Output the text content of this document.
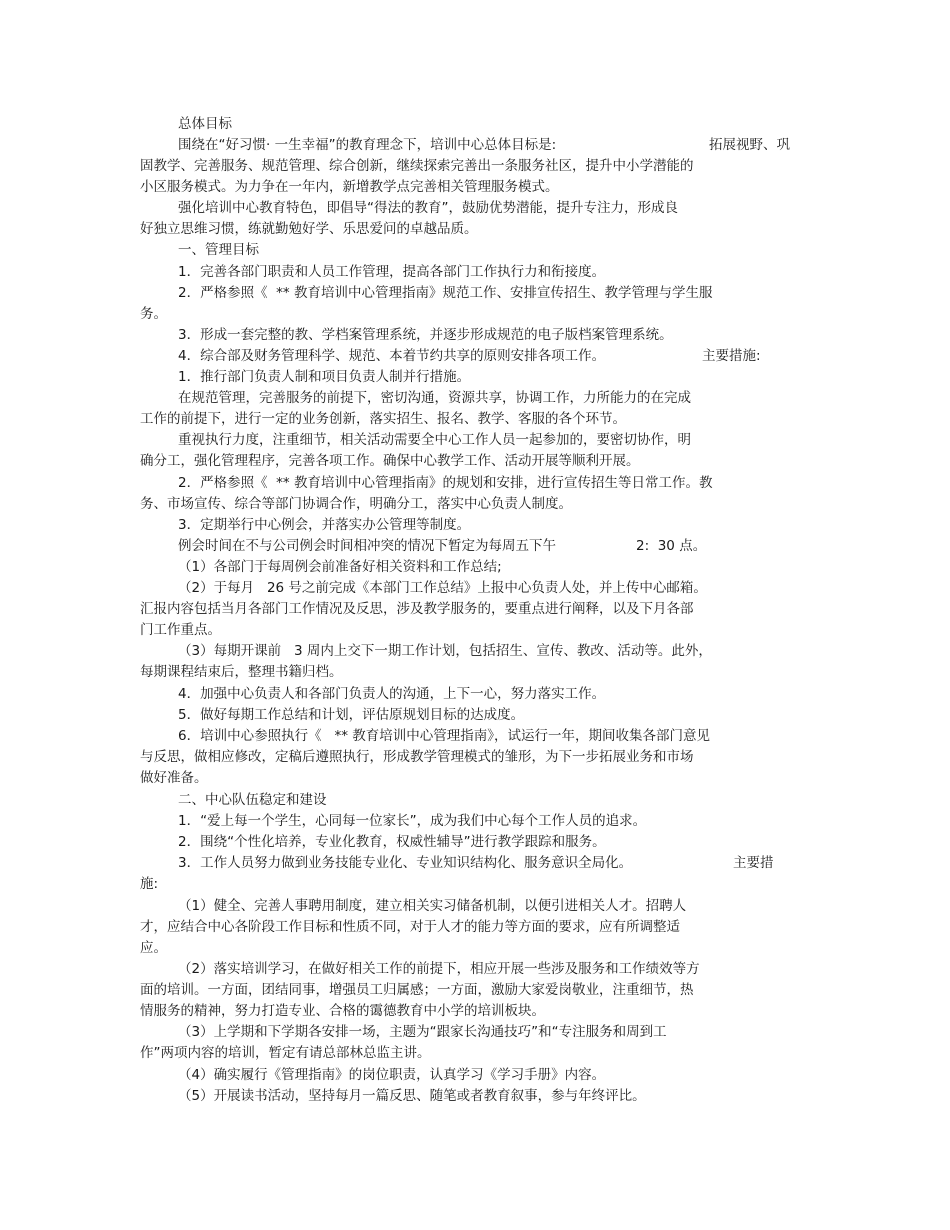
总体目标
围绕在“好习惯· 一生幸福”的教育理念下，培训中心总体目标是:	拓展视野、巩
固教学、完善服务、规范管理、综合创新，继续探索完善出一条服务社区，提升中小学潜能的
小区服务模式。为力争在一年内，新增教学点完善相关管理服务模式。
强化培训中心教育特色，即倡导“得法的教育”，鼓励优势潜能，提升专注力，形成良
好独立思维习惯，练就勤勉好学、乐思爱问的卓越品质。
一、管理目标
1．完善各部门职责和人员工作管理，提高各部门工作执行力和衔接度。
2．严格参照《  ** 教育培训中心管理指南》规范工作、安排宣传招生、教学管理与学生服
务。
3．形成一套完整的教、学档案管理系统，并逐步形成规范的电子版档案管理系统。
4．综合部及财务管理科学、规范、本着节约共享的原则安排各项工作。	主要措施:
1．推行部门负责人制和项目负责人制并行措施。
在规范管理，完善服务的前提下，密切沟通，资源共享，协调工作，力所能力的在完成
工作的前提下，进行一定的业务创新，落实招生、报名、教学、客服的各个环节。
重视执行力度，注重细节，相关活动需要全中心工作人员一起参加的，要密切协作，明
确分工，强化管理程序，完善各项工作。确保中心教学工作、活动开展等顺利开展。
2．严格参照《  ** 教育培训中心管理指南》的规划和安排，进行宣传招生等日常工作。教
务、市场宣传、综合等部门协调合作，明确分工，落实中心负责人制度。
3．定期举行中心例会，并落实办公管理等制度。
例会时间在不与公司例会时间相冲突的情况下暂定为每周五下午	2:  30 点。
（1）各部门于每周例会前准备好相关资料和工作总结;
（2）于每月   26 号之前完成《本部门工作总结》上报中心负责人处，并上传中心邮箱。
汇报内容包括当月各部门工作情况及反思，涉及教学服务的，要重点进行阐释，以及下月各部
门工作重点。
（3）每期开课前   3 周内上交下一期工作计划，包括招生、宣传、教改、活动等。此外，
每期课程结束后，整理书籍归档。
4．加强中心负责人和各部门负责人的沟通，上下一心，努力落实工作。
5．做好每期工作总结和计划，评估原规划目标的达成度。
6．培训中心参照执行《   ** 教育培训中心管理指南》，试运行一年，期间收集各部门意见
与反思，做相应修改，定稿后遵照执行，形成教学管理模式的雏形，为下一步拓展业务和市场
做好准备。
二、中心队伍稳定和建设
1．“爱上每一个学生，心同每一位家长”，成为我们中心每个工作人员的追求。
2．围绕“个性化培养，专业化教育，权威性辅导”进行教学跟踪和服务。
3．工作人员努力做到业务技能专业化、专业知识结构化、服务意识全局化。	主要措
施:
（1）健全、完善人事聘用制度，建立相关实习储备机制，以便引进相关人才。招聘人
才，应结合中心各阶段工作目标和性质不同，对于人才的能力等方面的要求，应有所调整适
应。
（2）落实培训学习，在做好相关工作的前提下，相应开展一些涉及服务和工作绩效等方
面的培训。一方面，团结同事，增强员工归属感；一方面，激励大家爱岗敬业，注重细节，热
情服务的精神，努力打造专业、合格的霭德教育中小学的培训板块。
（3）上学期和下学期各安排一场，主题为“跟家长沟通技巧”和“专注服务和周到工
作”两项内容的培训，暂定有请总部林总监主讲。
（4）确实履行《管理指南》的岗位职责，认真学习《学习手册》内容。
（5）开展读书活动，坚持每月一篇反思、随笔或者教育叙事，参与年终评比。
